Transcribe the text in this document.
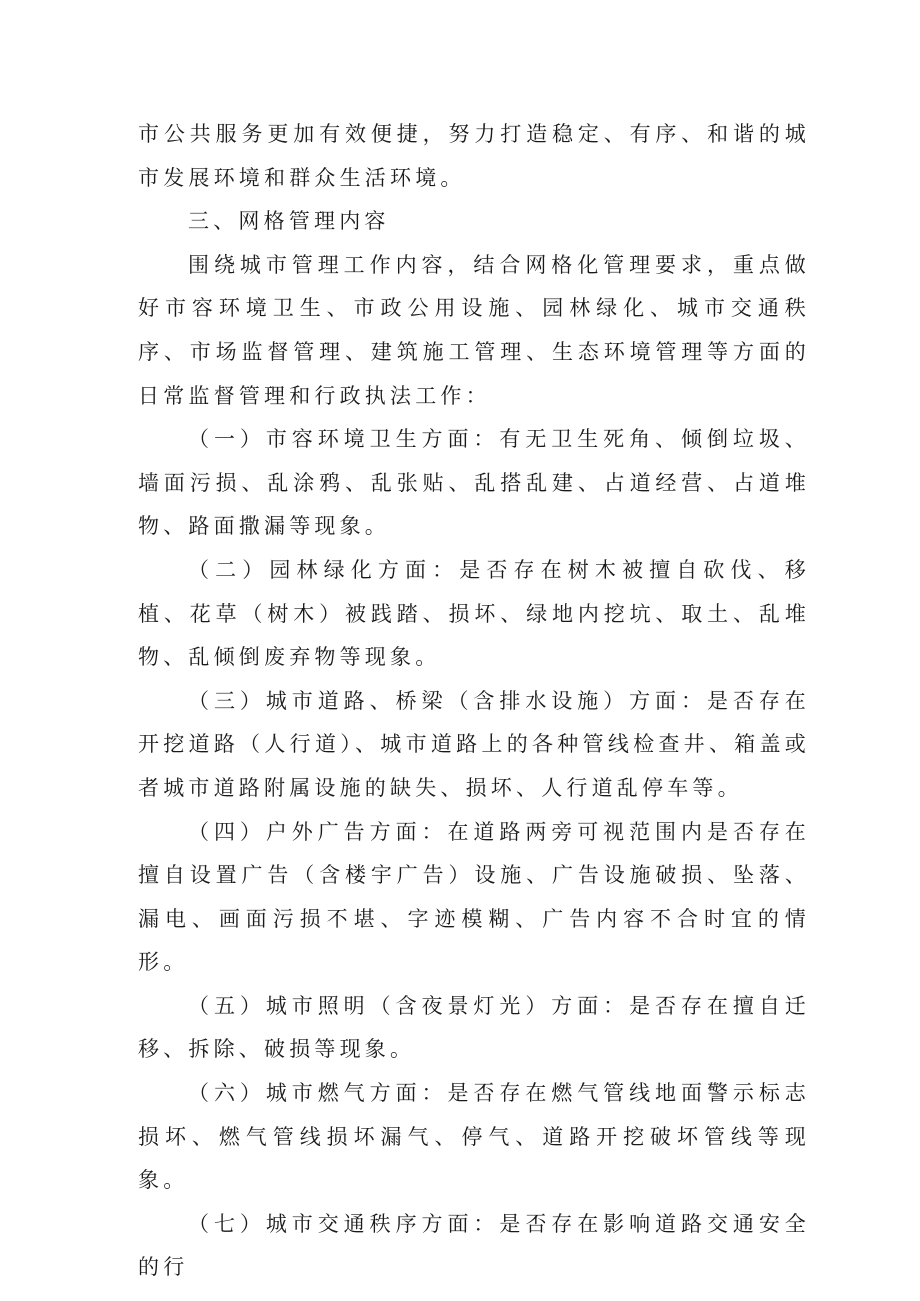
市公共服务更加有效便捷，努力打造稳定、有序、和谐的城市发展环境和群众生活环境。

三、网格管理内容

围绕城市管理工作内容，结合网格化管理要求，重点做好市容环境卫生、市政公用设施、园林绿化、城市交通秩序、市场监督管理、建筑施工管理、生态环境管理等方面的日常监督管理和行政执法工作：

（一）市容环境卫生方面：有无卫生死角、倾倒垃圾、墙面污损、乱涂鸦、乱张贴、乱搭乱建、占道经营、占道堆物、路面撒漏等现象。

（二）园林绿化方面：是否存在树木被擅自砍伐、移植、花草（树木）被践踏、损坏、绿地内挖坑、取土、乱堆物、乱倾倒废弃物等现象。

（三）城市道路、桥梁（含排水设施）方面：是否存在开挖道路（人行道）、城市道路上的各种管线检查井、箱盖或者城市道路附属设施的缺失、损坏、人行道乱停车等。

（四）户外广告方面：在道路两旁可视范围内是否存在擅自设置广告（含楼宇广告）设施、广告设施破损、坠落、漏电、画面污损不堪、字迹模糊、广告内容不合时宜的情形。

（五）城市照明（含夜景灯光）方面：是否存在擅自迁移、拆除、破损等现象。

（六）城市燃气方面：是否存在燃气管线地面警示标志损坏、燃气管线损坏漏气、停气、道路开挖破坏管线等现象。

（七）城市交通秩序方面：是否存在影响道路交通安全的行
